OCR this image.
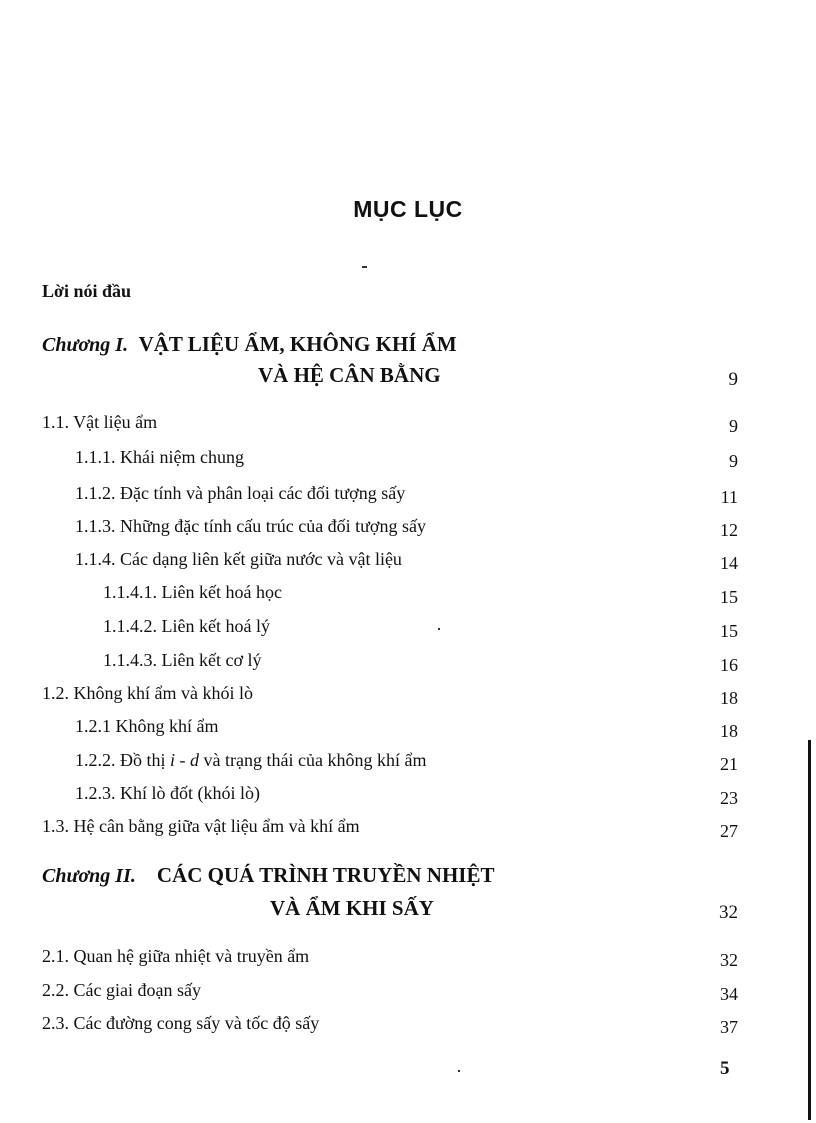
MỤC LỤC
Lời nói đầu
Chương I. VẬT LIỆU ẨM, KHÔNG KHÍ ẨM
VÀ HỆ CÂN BẰNG	9
1.1. Vật liệu ẩm	9
1.1.1. Khái niệm chung	9
1.1.2. Đặc tính và phân loại các đối tượng sấy	11
1.1.3. Những đặc tính cấu trúc của đối tượng sấy	12
1.1.4. Các dạng liên kết giữa nước và vật liệu	14
1.1.4.1. Liên kết hoá học	15
1.1.4.2. Liên kết hoá lý	15
1.1.4.3. Liên kết cơ lý	16
1.2. Không khí ẩm và khói lò	18
1.2.1 Không khí ẩm	18
1.2.2. Đồ thị i - d và trạng thái của không khí ẩm	21
1.2.3. Khí lò đốt (khói lò)	23
1.3. Hệ cân bằng giữa vật liệu ẩm và khí ẩm	27
Chương II. CÁC QUÁ TRÌNH TRUYỀN NHIỆT
VÀ ẨM KHI SẤY	32
2.1. Quan hệ giữa nhiệt và truyền ẩm	32
2.2. Các giai đoạn sấy	34
2.3. Các đường cong sấy và tốc độ sấy	37
5
